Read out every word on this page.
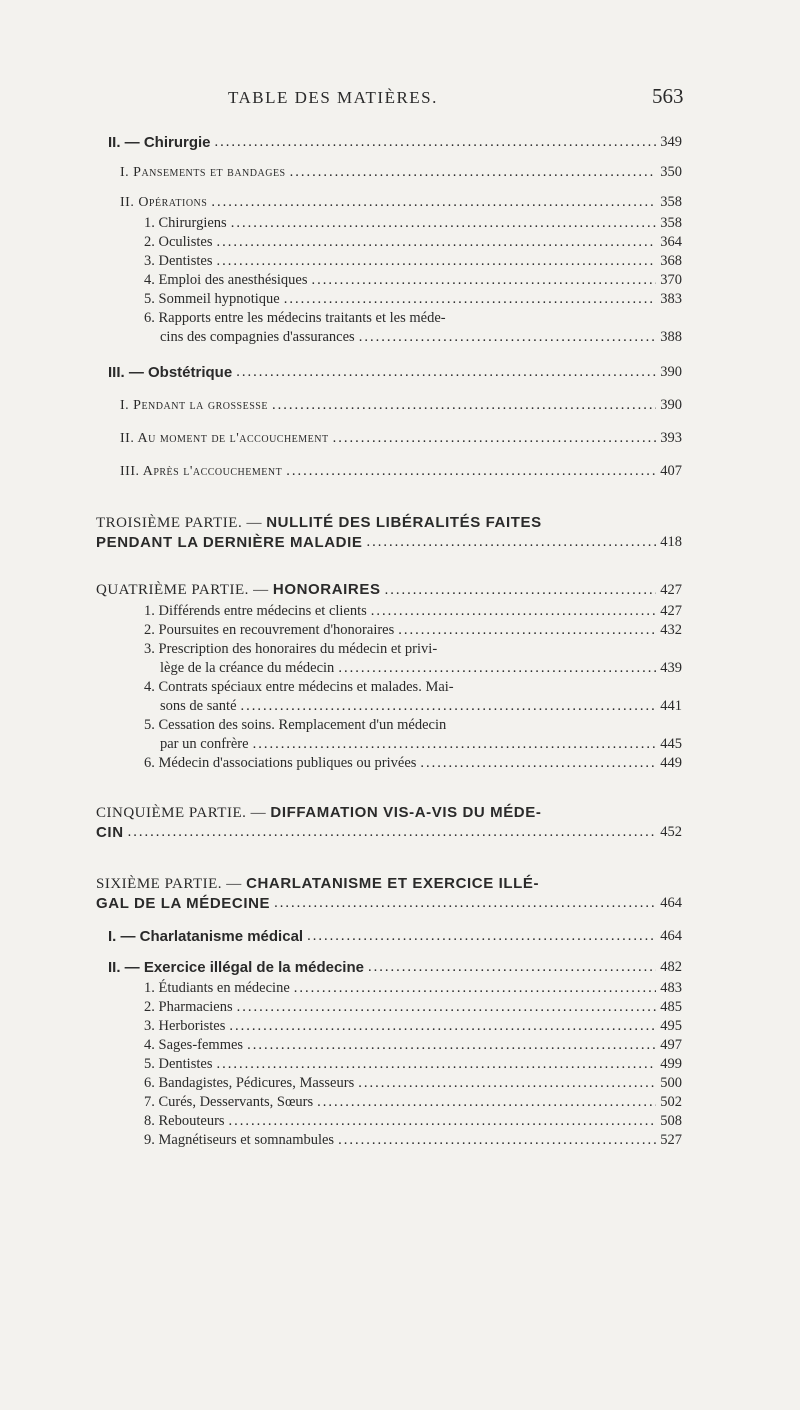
TABLE DES MATIÈRES.	563
II. — Chirurgie .....	349
I. Pansements et bandages .....	350
II. Opérations .....	358
1. Chirurgiens .....	358
2. Oculistes .....	364
3. Dentistes .....	368
4. Emploi des anesthésiques .....	370
5. Sommeil hypnotique .....	383
6. Rapports entre les médecins traitants et les méde-
cins des compagnies d'assurances .....	388
III. — Obstétrique .....	390
I. Pendant la grossesse .....	390
II. Au moment de l'accouchement .....	393
III. Après l'accouchement .....	407
TROISIÈME PARTIE. — NULLITÉ DES LIBÉRALITÉS FAITES
PENDANT LA DERNIÈRE MALADIE .....	418
QUATRIÈME PARTIE. — HONORAIRES .....	427
1. Différends entre médecins et clients .....	427
2. Poursuites en recouvrement d'honoraires .....	432
3. Prescription des honoraires du médecin et privi-
lège de la créance du médecin .....	439
4. Contrats spéciaux entre médecins et malades. Mai-
sons de santé .....	441
5. Cessation des soins. Remplacement d'un médecin
par un confrère .....	445
6. Médecin d'associations publiques ou privées .....	449
CINQUIÈME PARTIE. — DIFFAMATION VIS-A-VIS DU MÉDE-
CIN .....	452
SIXIÈME PARTIE. — CHARLATANISME ET EXERCICE ILLÉ-
GAL DE LA MÉDECINE .....	464
I. — Charlatanisme médical .....	464
II. — Exercice illégal de la médecine .....	482
1. Étudiants en médecine .....	483
2. Pharmaciens .....	485
3. Herboristes .....	495
4. Sages-femmes .....	497
5. Dentistes .....	499
6. Bandagistes, Pédicures, Masseurs .....	500
7. Curés, Desservants, Sœurs .....	502
8. Rebouteurs .....	508
9. Magnétiseurs et somnambules .....	527
